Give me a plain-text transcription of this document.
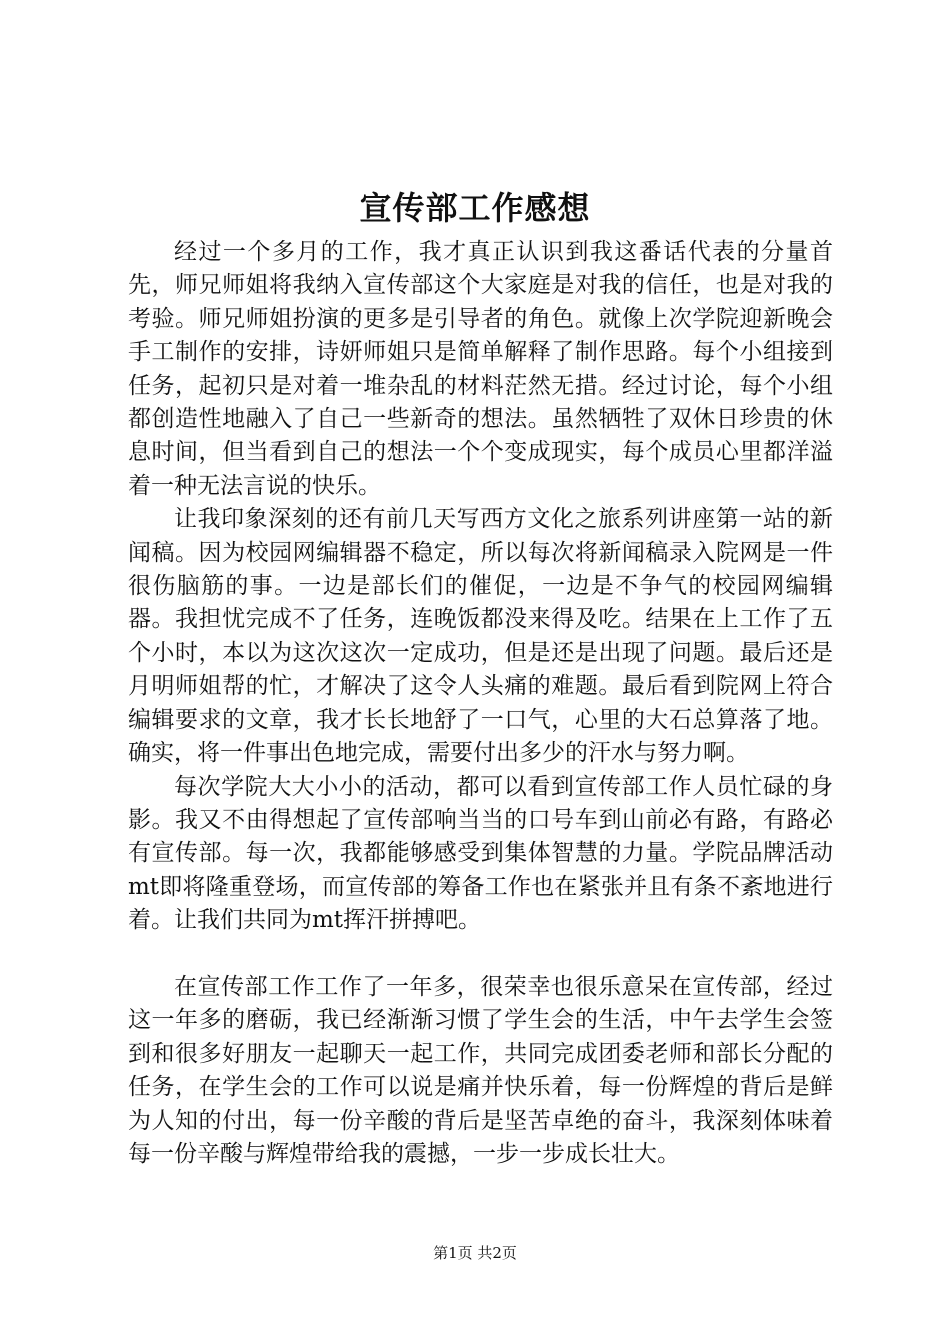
宣传部工作感想

经过一个多月的工作，我才真正认识到我这番话代表的分量首先，师兄师姐将我纳入宣传部这个大家庭是对我的信任，也是对我的考验。师兄师姐扮演的更多是引导者的角色。就像上次学院迎新晚会手工制作的安排，诗妍师姐只是简单解释了制作思路。每个小组接到任务，起初只是对着一堆杂乱的材料茫然无措。经过讨论，每个小组都创造性地融入了自己一些新奇的想法。虽然牺牲了双休日珍贵的休息时间，但当看到自己的想法一个个变成现实，每个成员心里都洋溢着一种无法言说的快乐。

让我印象深刻的还有前几天写西方文化之旅系列讲座第一站的新闻稿。因为校园网编辑器不稳定，所以每次将新闻稿录入院网是一件很伤脑筋的事。一边是部长们的催促，一边是不争气的校园网编辑器。我担忧完成不了任务，连晚饭都没来得及吃。结果在上工作了五个小时，本以为这次这次一定成功，但是还是出现了问题。最后还是月明师姐帮的忙，才解决了这令人头痛的难题。最后看到院网上符合编辑要求的文章，我才长长地舒了一口气，心里的大石总算落了地。确实，将一件事出色地完成，需要付出多少的汗水与努力啊。

每次学院大大小小的活动，都可以看到宣传部工作人员忙碌的身影。我又不由得想起了宣传部响当当的口号车到山前必有路，有路必有宣传部。每一次，我都能够感受到集体智慧的力量。学院品牌活动mt即将隆重登场，而宣传部的筹备工作也在紧张并且有条不紊地进行着。让我们共同为mt挥汗拼搏吧。

在宣传部工作工作了一年多，很荣幸也很乐意呆在宣传部，经过这一年多的磨砺，我已经渐渐习惯了学生会的生活，中午去学生会签到和很多好朋友一起聊天一起工作，共同完成团委老师和部长分配的任务，在学生会的工作可以说是痛并快乐着，每一份辉煌的背后是鲜为人知的付出，每一份辛酸的背后是坚苦卓绝的奋斗，我深刻体味着每一份辛酸与辉煌带给我的震撼，一步一步成长壮大。

第1页 共2页
